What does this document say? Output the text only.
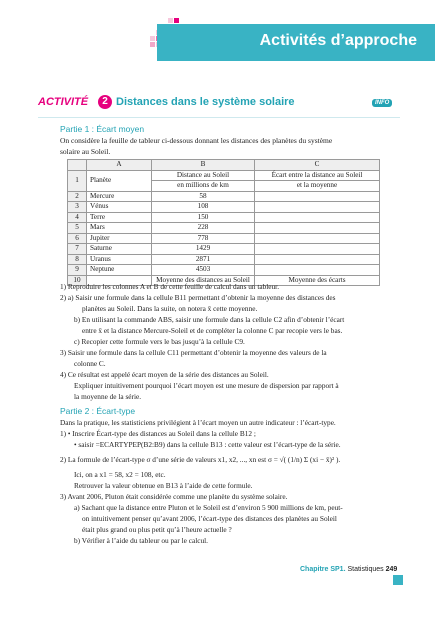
Activités d’approche
ACTIVITÉ	2 Distances dans le système solaire	INFO
Partie 1 : Écart moyen
On considère la feuille de tableur ci-dessous donnant les distances des planètes du système
solaire au Soleil.
	A	B	C
1	Planète	Distance au Soleil	Écart entre la distance au Soleil
		en millions de km	et la moyenne
2	Mercure	58	
3	Vénus	108	
4	Terre	150	
5	Mars	228	
6	Jupiter	778	
7	Saturne	1429	
8	Uranus	2871	
9	Neptune	4503	
10		Moyenne des distances au Soleil	Moyenne des écarts
1) Reproduire les colonnes A et B de cette feuille de calcul dans un tableur.
2) a) Saisir une formule dans la cellule B11 permettant d’obtenir la moyenne des distances des
planètes au Soleil. Dans la suite, on notera x̄ cette moyenne.
b) En utilisant la commande ABS, saisir une formule dans la cellule C2 afin d’obtenir l’écart
entre x̄ et la distance Mercure-Soleil et de compléter la colonne C par recopie vers le bas.
c) Recopier cette formule vers le bas jusqu’à la cellule C9.
3) Saisir une formule dans la cellule C11 permettant d’obtenir la moyenne des valeurs de la
colonne C.
4) Ce résultat est appelé écart moyen de la série des distances au Soleil.
Expliquer intuitivement pourquoi l’écart moyen est une mesure de dispersion par rapport à
la moyenne de la série.
Partie 2 : Écart-type
Dans la pratique, les statisticiens privilégient à l’écart moyen un autre indicateur : l’écart-type.
1) • Inscrire Écart-type des distances au Soleil dans la cellule B12 ;
• saisir =ECARTYPEP(B2:B9) dans la cellule B13 : cette valeur est l’écart-type de la série.
2) La formule de l’écart-type σ d’une série de valeurs x1, x2, ..., xn est σ = √( (1/n) Σ (xi − x̄)² ).
Ici, on a x1 = 58, x2 = 108, etc.
Retrouver la valeur obtenue en B13 à l’aide de cette formule.
3) Avant 2006, Pluton était considérée comme une planète du système solaire.
a) Sachant que la distance entre Pluton et le Soleil est d’environ 5 900 millions de km, peut-
on intuitivement penser qu’avant 2006, l’écart-type des distances des planètes au Soleil
était plus grand ou plus petit qu’à l’heure actuelle ?
b) Vérifier à l’aide du tableur ou par le calcul.
Chapitre SP1. Statistiques 249
